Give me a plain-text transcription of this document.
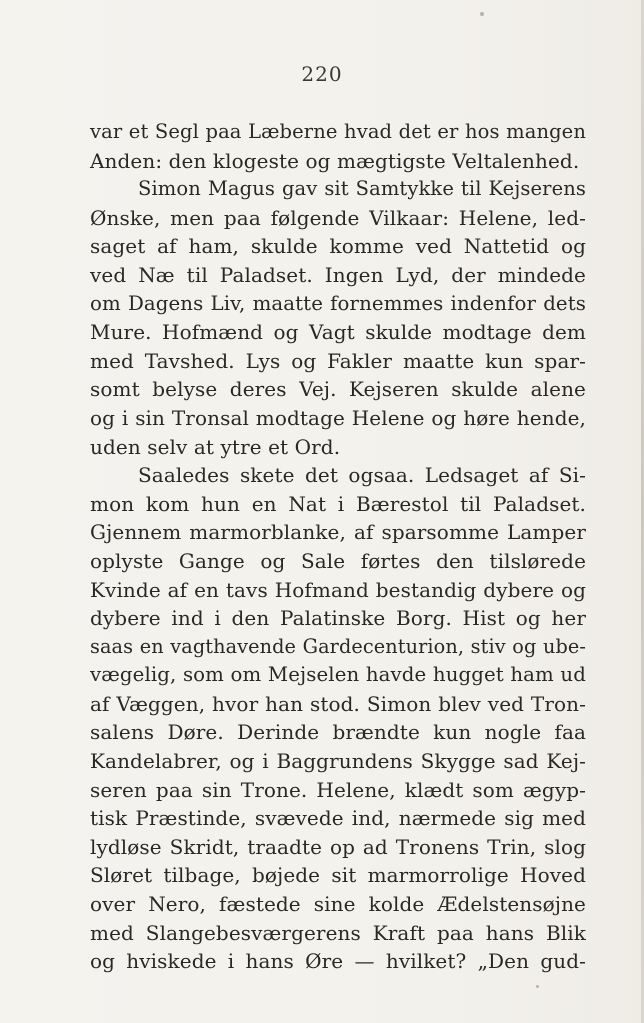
220
var et Segl paa Læberne hvad det er hos mangen
Anden: den klogeste og mægtigste Veltalenhed.
Simon Magus gav sit Samtykke til Kejserens
Ønske, men paa følgende Vilkaar: Helene, led-
saget af ham, skulde komme ved Nattetid og
ved Næ til Paladset. Ingen Lyd, der mindede
om Dagens Liv, maatte fornemmes indenfor dets
Mure. Hofmænd og Vagt skulde modtage dem
med Tavshed. Lys og Fakler maatte kun spar-
somt belyse deres Vej. Kejseren skulde alene
og i sin Tronsal modtage Helene og høre hende,
uden selv at ytre et Ord.
Saaledes skete det ogsaa. Ledsaget af Si-
mon kom hun en Nat i Bærestol til Paladset.
Gjennem marmorblanke, af sparsomme Lamper
oplyste Gange og Sale førtes den tilslørede
Kvinde af en tavs Hofmand bestandig dybere og
dybere ind i den Palatinske Borg. Hist og her
saas en vagthavende Gardecenturion, stiv og ube-
vægelig, som om Mejselen havde hugget ham ud
af Væggen, hvor han stod. Simon blev ved Tron-
salens Døre. Derinde brændte kun nogle faa
Kandelabrer, og i Baggrundens Skygge sad Kej-
seren paa sin Trone. Helene, klædt som ægyp-
tisk Præstinde, svævede ind, nærmede sig med
lydløse Skridt, traadte op ad Tronens Trin, slog
Sløret tilbage, bøjede sit marmorrolige Hoved
over Nero, fæstede sine kolde Ædelstensøjne
med Slangebesværgerens Kraft paa hans Blik
og hviskede i hans Øre — hvilket? „Den gud-
